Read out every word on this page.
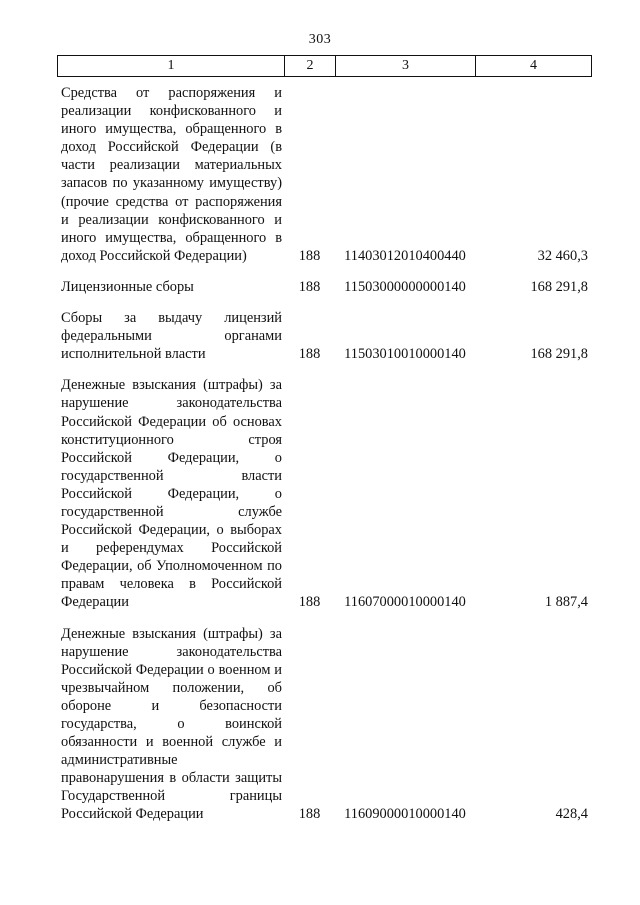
303
1	2	3	4
Средства от распоряжения и реализации конфискованного и иного имущества, обращенного в доход Российской Федерации (в части реализации материальных запасов по указанному имуществу) (прочие средства от распоряжения и реализации конфискованного и иного имущества, обращенного в доход Российской Федерации)	188	11403012010400440	32 460,3
Лицензионные сборы	188	11503000000000140	168 291,8
Сборы за выдачу лицензий федеральными органами исполнительной власти	188	11503010010000140	168 291,8
Денежные взыскания (штрафы) за нарушение законодательства Российской Федерации об основах конституционного строя Российской Федерации, о государственной власти Российской Федерации, о государственной службе Российской Федерации, о выборах и референдумах Российской Федерации, об Уполномоченном по правам человека в Российской Федерации	188	11607000010000140	1 887,4
Денежные взыскания (штрафы) за нарушение законодательства Российской Федерации о военном и чрезвычайном положении, об обороне и безопасности государства, о воинской обязанности и военной службе и административные правонарушения в области защиты Государственной границы Российской Федерации	188	11609000010000140	428,4
